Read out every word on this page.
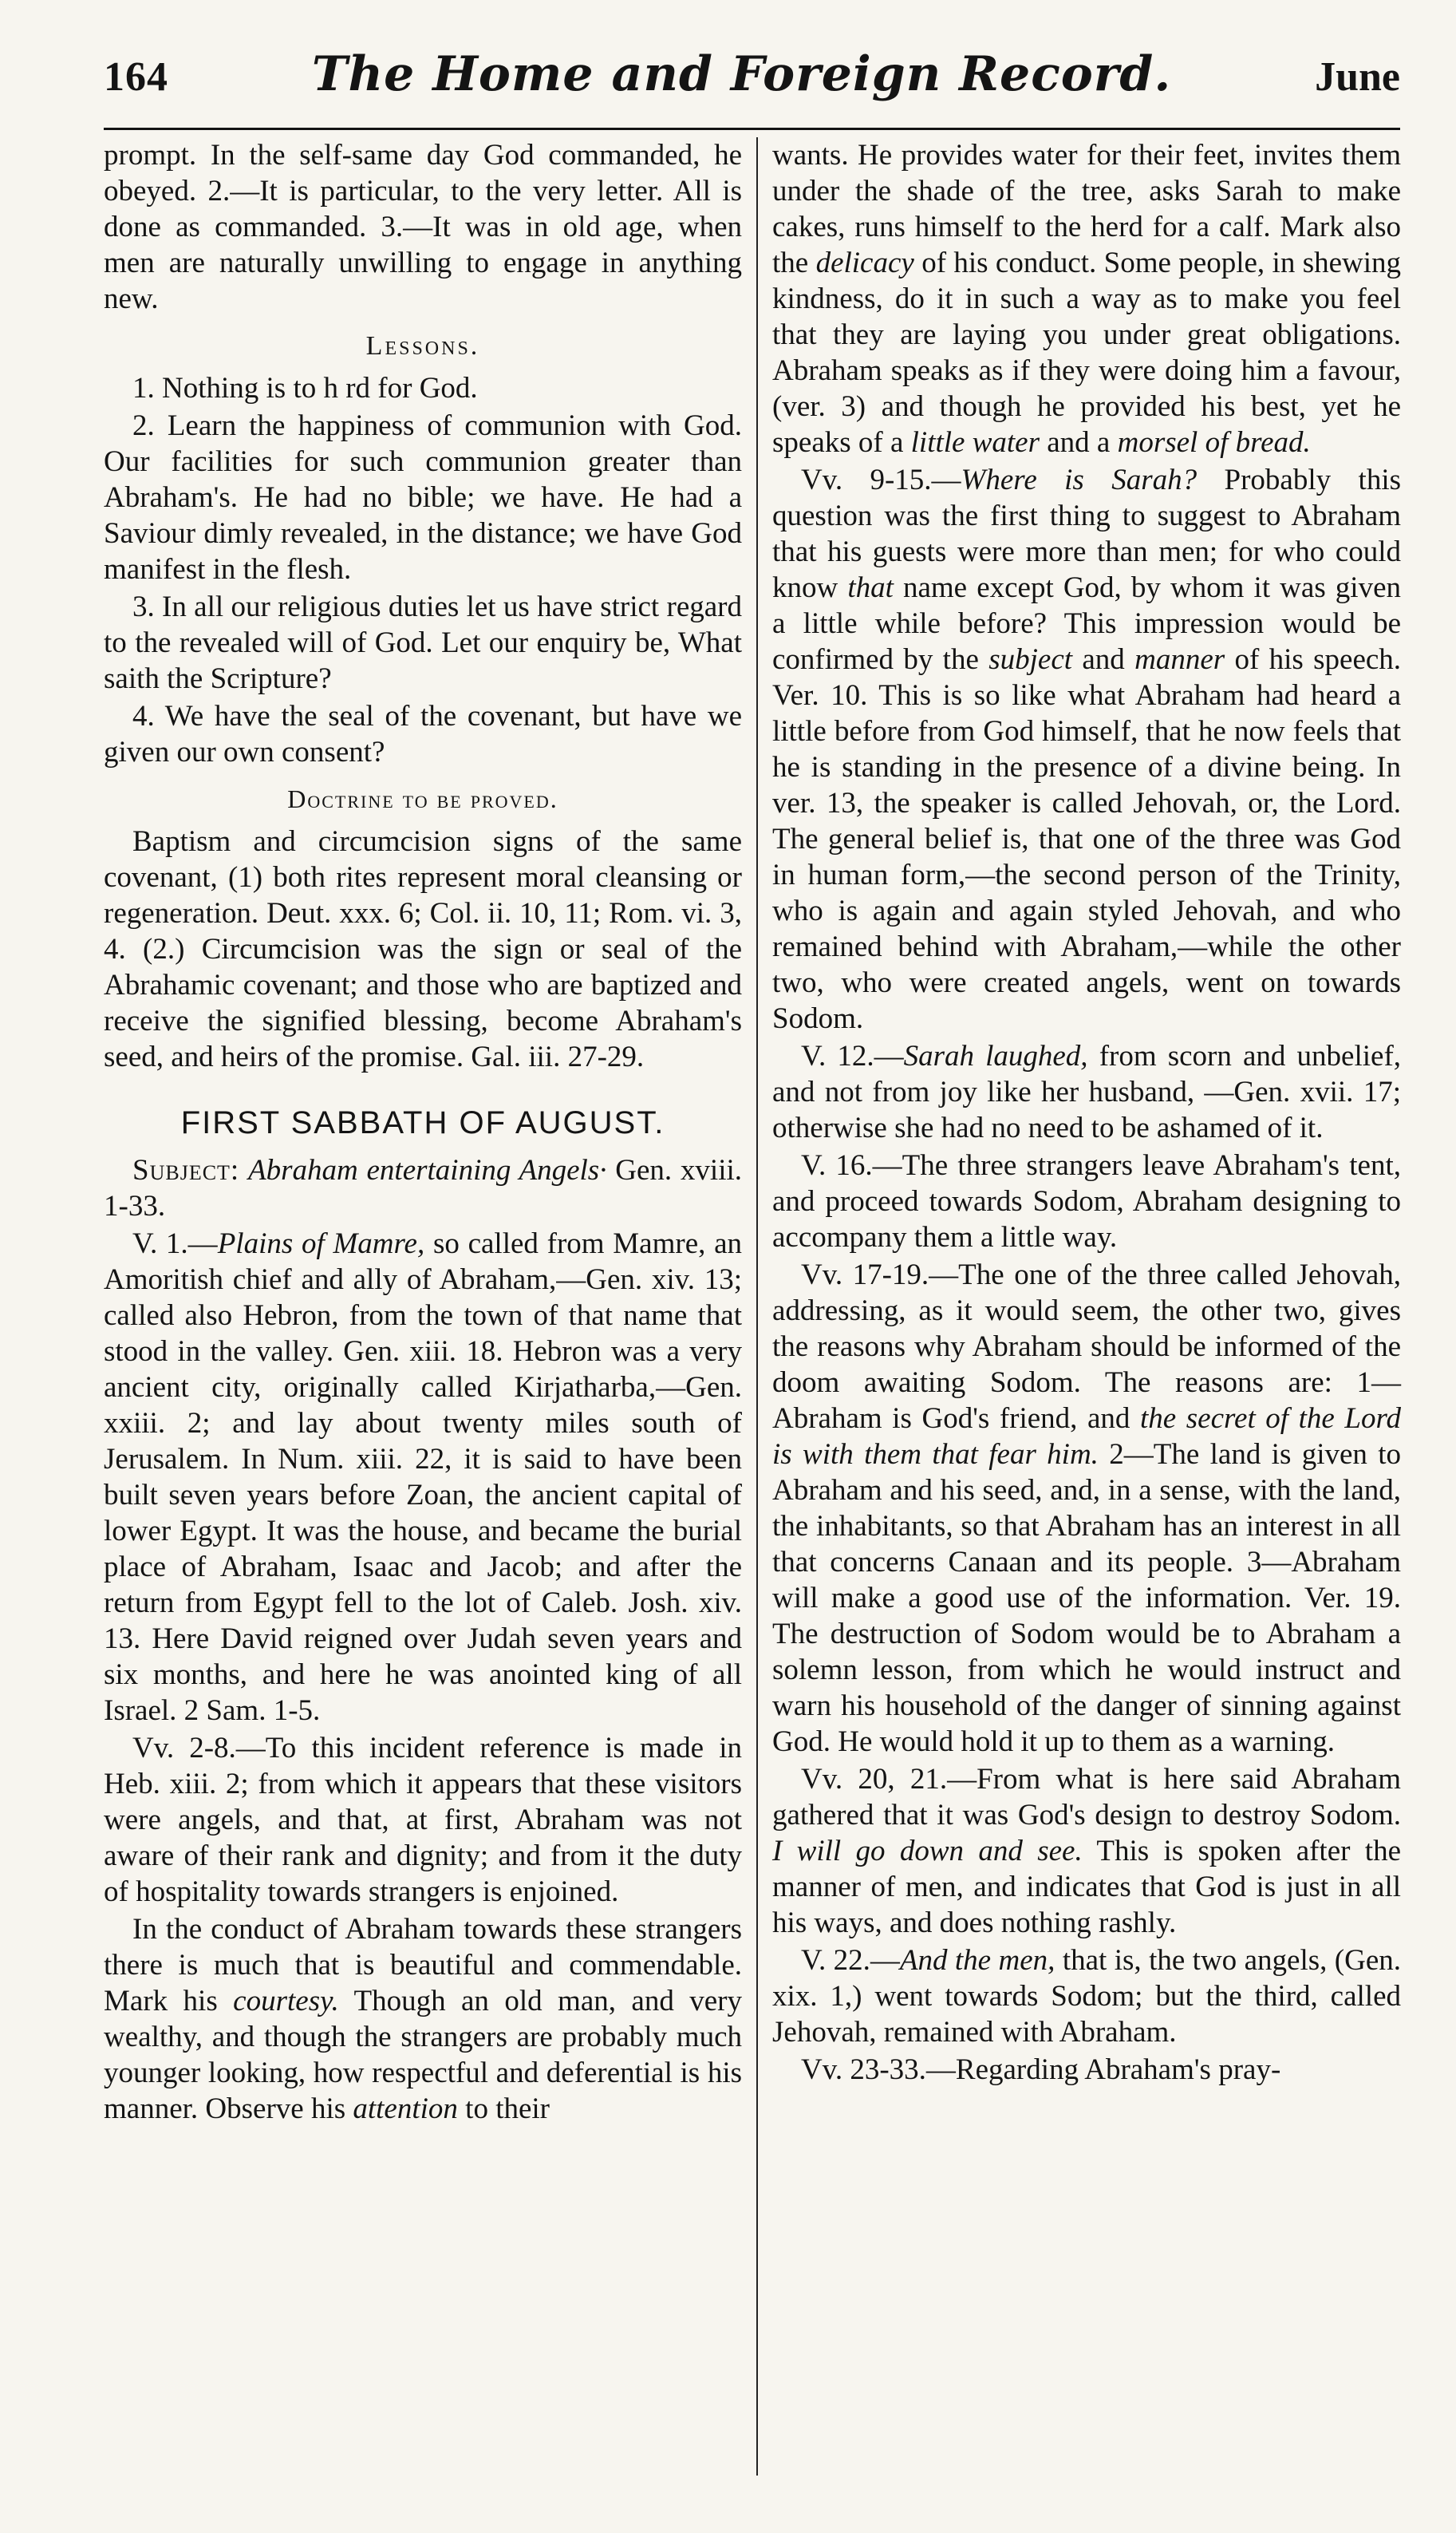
164	The Home and Foreign Record.	June

prompt. In the self-same day God commanded, he obeyed. 2.—It is particular, to the very letter. All is done as commanded. 3.—It was in old age, when men are naturally unwilling to engage in anything new.

Lessons.

1. Nothing is to h rd for God.

2. Learn the happiness of communion with God. Our facilities for such communion greater than Abraham's. He had no bible; we have. He had a Saviour dimly revealed, in the distance; we have God manifest in the flesh.

3. In all our religious duties let us have strict regard to the revealed will of God. Let our enquiry be, What saith the Scripture?

4. We have the seal of the covenant, but have we given our own consent?

Doctrine to be proved.

Baptism and circumcision signs of the same covenant, (1) both rites represent moral cleansing or regeneration. Deut. xxx. 6; Col. ii. 10, 11; Rom. vi. 3, 4. (2.) Circumcision was the sign or seal of the Abrahamic covenant; and those who are baptized and receive the signified blessing, become Abraham's seed, and heirs of the promise. Gal. iii. 27-29.

FIRST SABBATH OF AUGUST.

Subject: Abraham entertaining Angels· Gen. xviii. 1-33.

V. 1.—Plains of Mamre, so called from Mamre, an Amoritish chief and ally of Abraham,—Gen. xiv. 13; called also Hebron, from the town of that name that stood in the valley. Gen. xiii. 18. Hebron was a very ancient city, originally called Kirjatharba,—Gen. xxiii. 2; and lay about twenty miles south of Jerusalem. In Num. xiii. 22, it is said to have been built seven years before Zoan, the ancient capital of lower Egypt. It was the house, and became the burial place of Abraham, Isaac and Jacob; and after the return from Egypt fell to the lot of Caleb. Josh. xiv. 13. Here David reigned over Judah seven years and six months, and here he was anointed king of all Israel. 2 Sam. 1-5.

Vv. 2-8.—To this incident reference is made in Heb. xiii. 2; from which it appears that these visitors were angels, and that, at first, Abraham was not aware of their rank and dignity; and from it the duty of hospitality towards strangers is enjoined.

In the conduct of Abraham towards these strangers there is much that is beautiful and commendable. Mark his courtesy. Though an old man, and very wealthy, and though the strangers are probably much younger looking, how respectful and deferential is his manner. Observe his attention to their

wants. He provides water for their feet, invites them under the shade of the tree, asks Sarah to make cakes, runs himself to the herd for a calf. Mark also the delicacy of his conduct. Some people, in shewing kindness, do it in such a way as to make you feel that they are laying you under great obligations. Abraham speaks as if they were doing him a favour, (ver. 3) and though he provided his best, yet he speaks of a little water and a morsel of bread.

Vv. 9-15.—Where is Sarah? Probably this question was the first thing to suggest to Abraham that his guests were more than men; for who could know that name except God, by whom it was given a little while before? This impression would be confirmed by the subject and manner of his speech. Ver. 10. This is so like what Abraham had heard a little before from God himself, that he now feels that he is standing in the presence of a divine being. In ver. 13, the speaker is called Jehovah, or, the Lord. The general belief is, that one of the three was God in human form,—the second person of the Trinity, who is again and again styled Jehovah, and who remained behind with Abraham,—while the other two, who were created angels, went on towards Sodom.

V. 12.—Sarah laughed, from scorn and unbelief, and not from joy like her husband, —Gen. xvii. 17; otherwise she had no need to be ashamed of it.

V. 16.—The three strangers leave Abraham's tent, and proceed towards Sodom, Abraham designing to accompany them a little way.

Vv. 17-19.—The one of the three called Jehovah, addressing, as it would seem, the other two, gives the reasons why Abraham should be informed of the doom awaiting Sodom. The reasons are: 1—Abraham is God's friend, and the secret of the Lord is with them that fear him. 2—The land is given to Abraham and his seed, and, in a sense, with the land, the inhabitants, so that Abraham has an interest in all that concerns Canaan and its people. 3—Abraham will make a good use of the information. Ver. 19. The destruction of Sodom would be to Abraham a solemn lesson, from which he would instruct and warn his household of the danger of sinning against God. He would hold it up to them as a warning.

Vv. 20, 21.—From what is here said Abraham gathered that it was God's design to destroy Sodom. I will go down and see. This is spoken after the manner of men, and indicates that God is just in all his ways, and does nothing rashly.

V. 22.—And the men, that is, the two angels, (Gen. xix. 1,) went towards Sodom; but the third, called Jehovah, remained with Abraham.

Vv. 23-33.—Regarding Abraham's pray-
